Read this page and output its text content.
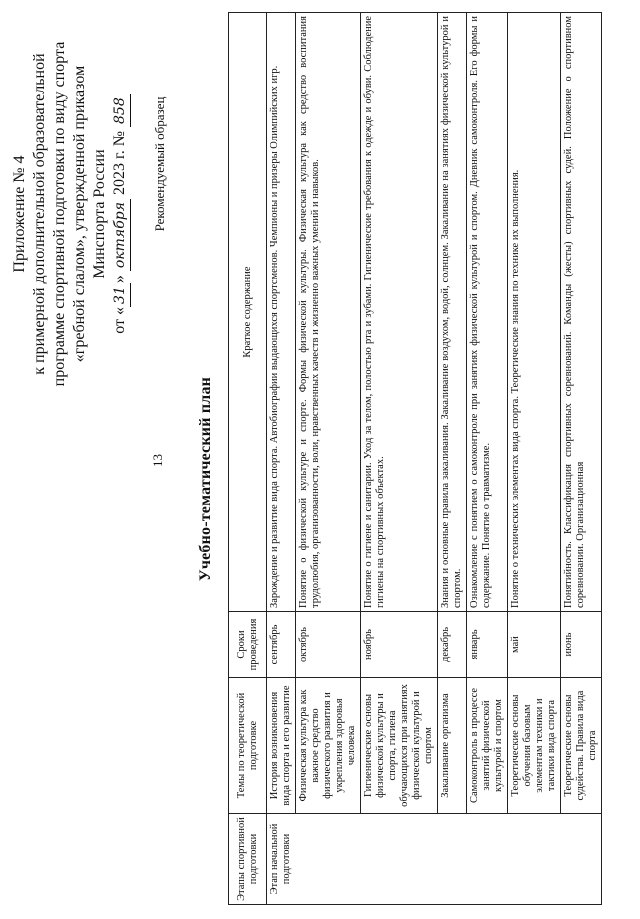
13
Приложение № 4 к примерной дополнительной образовательной программе спортивной подготовки по виду спорта «гребной слалом», утвержденной приказом Минспорта России
от «31» октября 2023 г. № 858 Рекомендуемый образец
Учебно-тематический план
Этапы спортивной подготовки	Темы по теоретической подготовке	Сроки проведения	Краткое содержание
Этап начальной подготовки	История возникновения вида спорта и его развитие	сентябрь	Зарождение и развитие вида спорта. Автобиографии выдающихся спортсменов. Чемпионы и призеры Олимпийских игр.
	Физическая культура как важное средство физического развития и укрепления здоровья человека	октябрь	Понятие о физической культуре и спорте. Формы физической культуры. Физическая культура как средство воспитания трудолюбия, организованности, воли, нравственных качеств и жизненно важных умений и навыков.
	Гигиенические основы физической культуры и спорта, гигиена обучающихся при занятиях физической культурой и спортом	ноябрь	Понятие о гигиене и санитарии. Уход за телом, полостью рта и зубами. Гигиенические требования к одежде и обуви. Соблюдение гигиены на спортивных объектах.
	Закаливание организма	декабрь	Знания и основные правила закаливания. Закаливание воздухом, водой, солнцем. Закаливание на занятиях физической культурой и спортом.
	Самоконтроль в процессе занятий физической культурой и спортом	январь	Ознакомление с понятием о самоконтроле при занятиях физической культурой и спортом. Дневник самоконтроля. Его формы и содержание. Понятие о травматизме.
	Теоретические основы обучения базовым элементам техники и тактики вида спорта	май	Понятие о технических элементах вида спорта. Теоретические знания по технике их выполнения.
	Теоретические основы судейства. Правила вида спорта	июнь	Понятийность. Классификация спортивных соревнований. Команды (жесты) спортивных судей. Положение о спортивном соревновании. Организационная
